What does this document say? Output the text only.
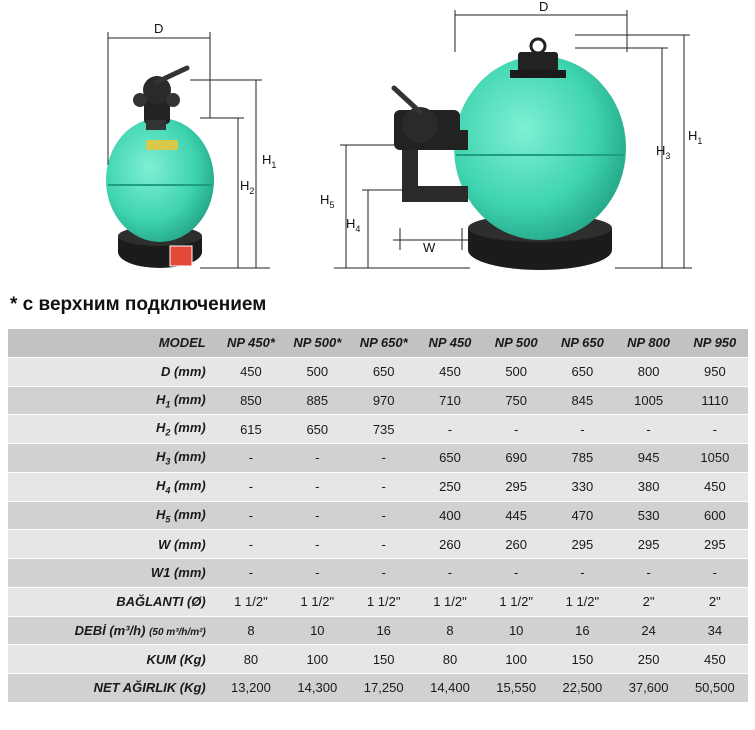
D
$H_1$
$H_2$
D
$H_1$
$H_3$
$H_5$
$H_4$
W
* с верхним подключением
MODEL	NP 450*	NP 500*	NP 650*	NP 450	NP 500	NP 650	NP 800	NP 950
D (mm)	450	500	650	450	500	650	800	950
$H_1$ (mm)	850	885	970	710	750	845	1005	1110
$H_2$ (mm)	615	650	735	-	-	-	-	-
$H_3$ (mm)	-	-	-	650	690	785	945	1050
$H_4$ (mm)	-	-	-	250	295	330	380	450
$H_5$ (mm)	-	-	-	400	445	470	530	600
W (mm)	-	-	-	260	260	295	295	295
W1 (mm)	-	-	-	-	-	-	-	-
BAĞLANTI (Ø)	1 1/2"	1 1/2"	1 1/2"	1 1/2"	1 1/2"	1 1/2"	2"	2"
DEBİ (m³/h) (50 m³/h/m²)	8	10	16	8	10	16	24	34
KUM (Kg)	80	100	150	80	100	150	250	450
NET AĞIRLIK (Kg)	13,200	14,300	17,250	14,400	15,550	22,500	37,600	50,500
